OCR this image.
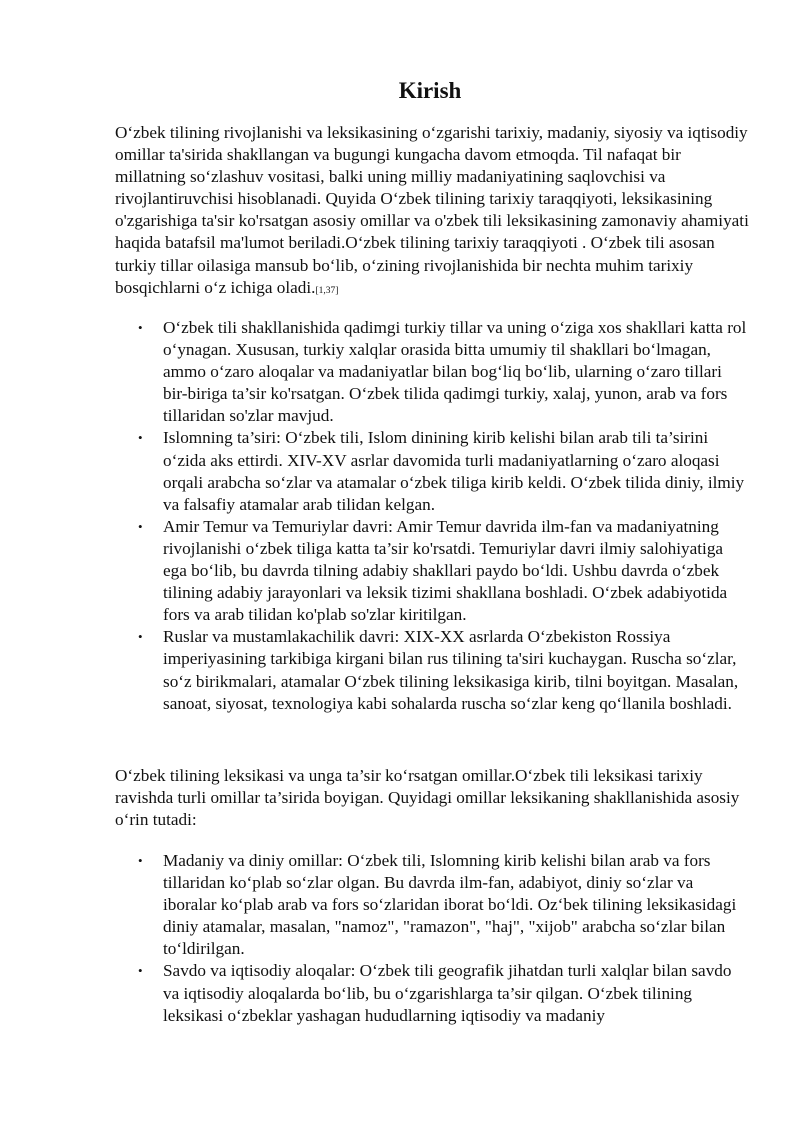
Kirish

O‘zbek tilining rivojlanishi va leksikasining o‘zgarishi tarixiy, madaniy, siyosiy va iqtisodiy omillar ta'sirida shakllangan va bugungi kungacha davom etmoqda. Til nafaqat bir millatning so‘zlashuv vositasi, balki uning milliy madaniyatining saqlovchisi va rivojlantiruvchisi hisoblanadi. Quyida O‘zbek tilining tarixiy taraqqiyoti, leksikasining o'zgarishiga ta'sir ko'rsatgan asosiy omillar va o'zbek tili leksikasining zamonaviy ahamiyati haqida batafsil ma'lumot beriladi.O‘zbek tilining tarixiy taraqqiyoti . O‘zbek tili asosan turkiy tillar oilasiga mansub bo‘lib, o‘zining rivojlanishida bir nechta muhim tarixiy bosqichlarni o‘z ichiga oladi.[1,37]

• O‘zbek tili shakllanishida qadimgi turkiy tillar va uning o‘ziga xos shakllari katta rol o‘ynagan. Xususan, turkiy xalqlar orasida bitta umumiy til shakllari bo‘lmagan, ammo o‘zaro aloqalar va madaniyatlar bilan bog‘liq bo‘lib, ularning o‘zaro tillari bir-biriga ta’sir ko'rsatgan. O‘zbek tilida qadimgi turkiy, xalaj, yunon, arab va fors tillaridan so'zlar mavjud.
• Islomning ta’siri: O‘zbek tili, Islom dinining kirib kelishi bilan arab tili ta’sirini o‘zida aks ettirdi. XIV-XV asrlar davomida turli madaniyatlarning o‘zaro aloqasi orqali arabcha so‘zlar va atamalar o‘zbek tiliga kirib keldi. O‘zbek tilida diniy, ilmiy va falsafiy atamalar arab tilidan kelgan.
• Amir Temur va Temuriylar davri: Amir Temur davrida ilm-fan va madaniyatning rivojlanishi o‘zbek tiliga katta ta’sir ko'rsatdi. Temuriylar davri ilmiy salohiyatiga ega bo‘lib, bu davrda tilning adabiy shakllari paydo bo‘ldi. Ushbu davrda o‘zbek tilining adabiy jarayonlari va leksik tizimi shakllana boshladi. O‘zbek adabiyotida fors va arab tilidan ko'plab so'zlar kiritilgan.
• Ruslar va mustamlakachilik davri: XIX-XX asrlarda O‘zbekiston Rossiya imperiyasining tarkibiga kirgani bilan rus tilining ta'siri kuchaygan. Ruscha so‘zlar, so‘z birikmalari, atamalar O‘zbek tilining leksikasiga kirib, tilni boyitgan. Masalan, sanoat, siyosat, texnologiya kabi sohalarda ruscha so‘zlar keng qo‘llanila boshladi.

O‘zbek tilining leksikasi va unga ta’sir ko‘rsatgan omillar.O‘zbek tili leksikasi tarixiy ravishda turli omillar ta’sirida boyigan. Quyidagi omillar leksikaning shakllanishida asosiy o‘rin tutadi:

• Madaniy va diniy omillar: O‘zbek tili, Islomning kirib kelishi bilan arab va fors tillaridan ko‘plab so‘zlar olgan. Bu davrda ilm-fan, adabiyot, diniy so‘zlar va iboralar ko‘plab arab va fors so‘zlaridan iborat bo‘ldi. Oz‘bek tilining leksikasidagi diniy atamalar, masalan, "namoz", "ramazon", "haj", "xijob" arabcha so‘zlar bilan to‘ldirilgan.
• Savdo va iqtisodiy aloqalar: O‘zbek tili geografik jihatdan turli xalqlar bilan savdo va iqtisodiy aloqalarda bo‘lib, bu o‘zgarishlarga ta’sir qilgan. O‘zbek tilining leksikasi o‘zbeklar yashagan hududlarning iqtisodiy va madaniy
